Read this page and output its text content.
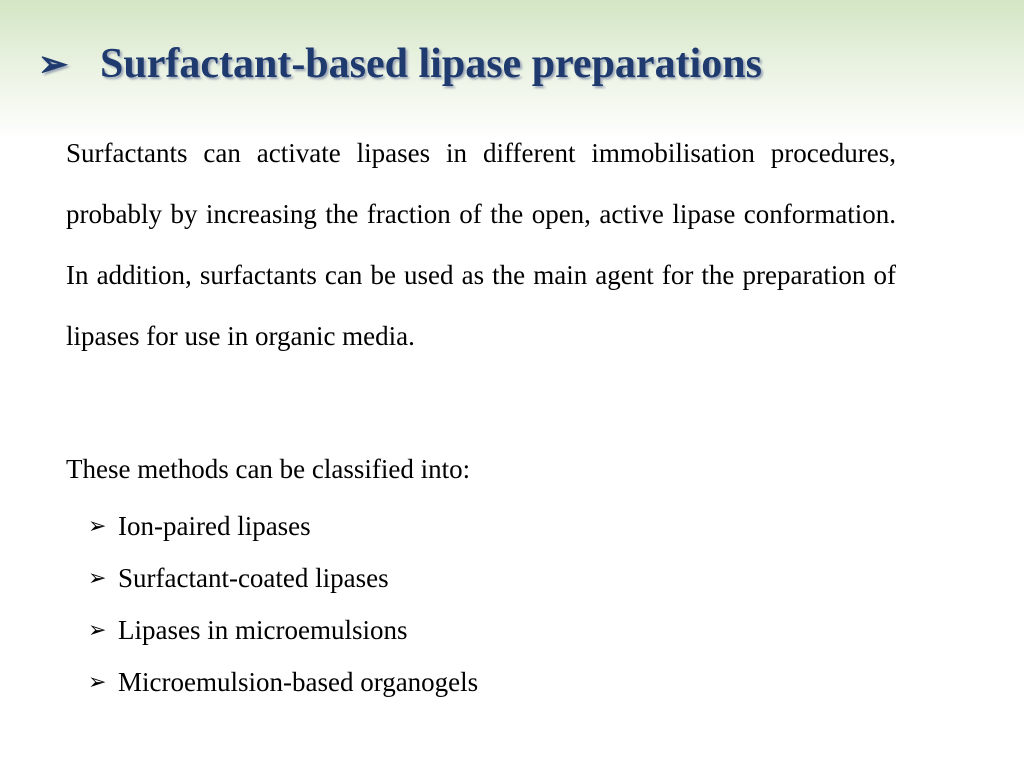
➢ Surfactant-based lipase preparations

Surfactants can activate lipases in different immobilisation procedures, probably by increasing the fraction of the open, active lipase conformation. In addition, surfactants can be used as the main agent for the preparation of lipases for use in organic media.

These methods can be classified into:

➢ Ion-paired lipases
➢ Surfactant-coated lipases
➢ Lipases in microemulsions
➢ Microemulsion-based organogels
